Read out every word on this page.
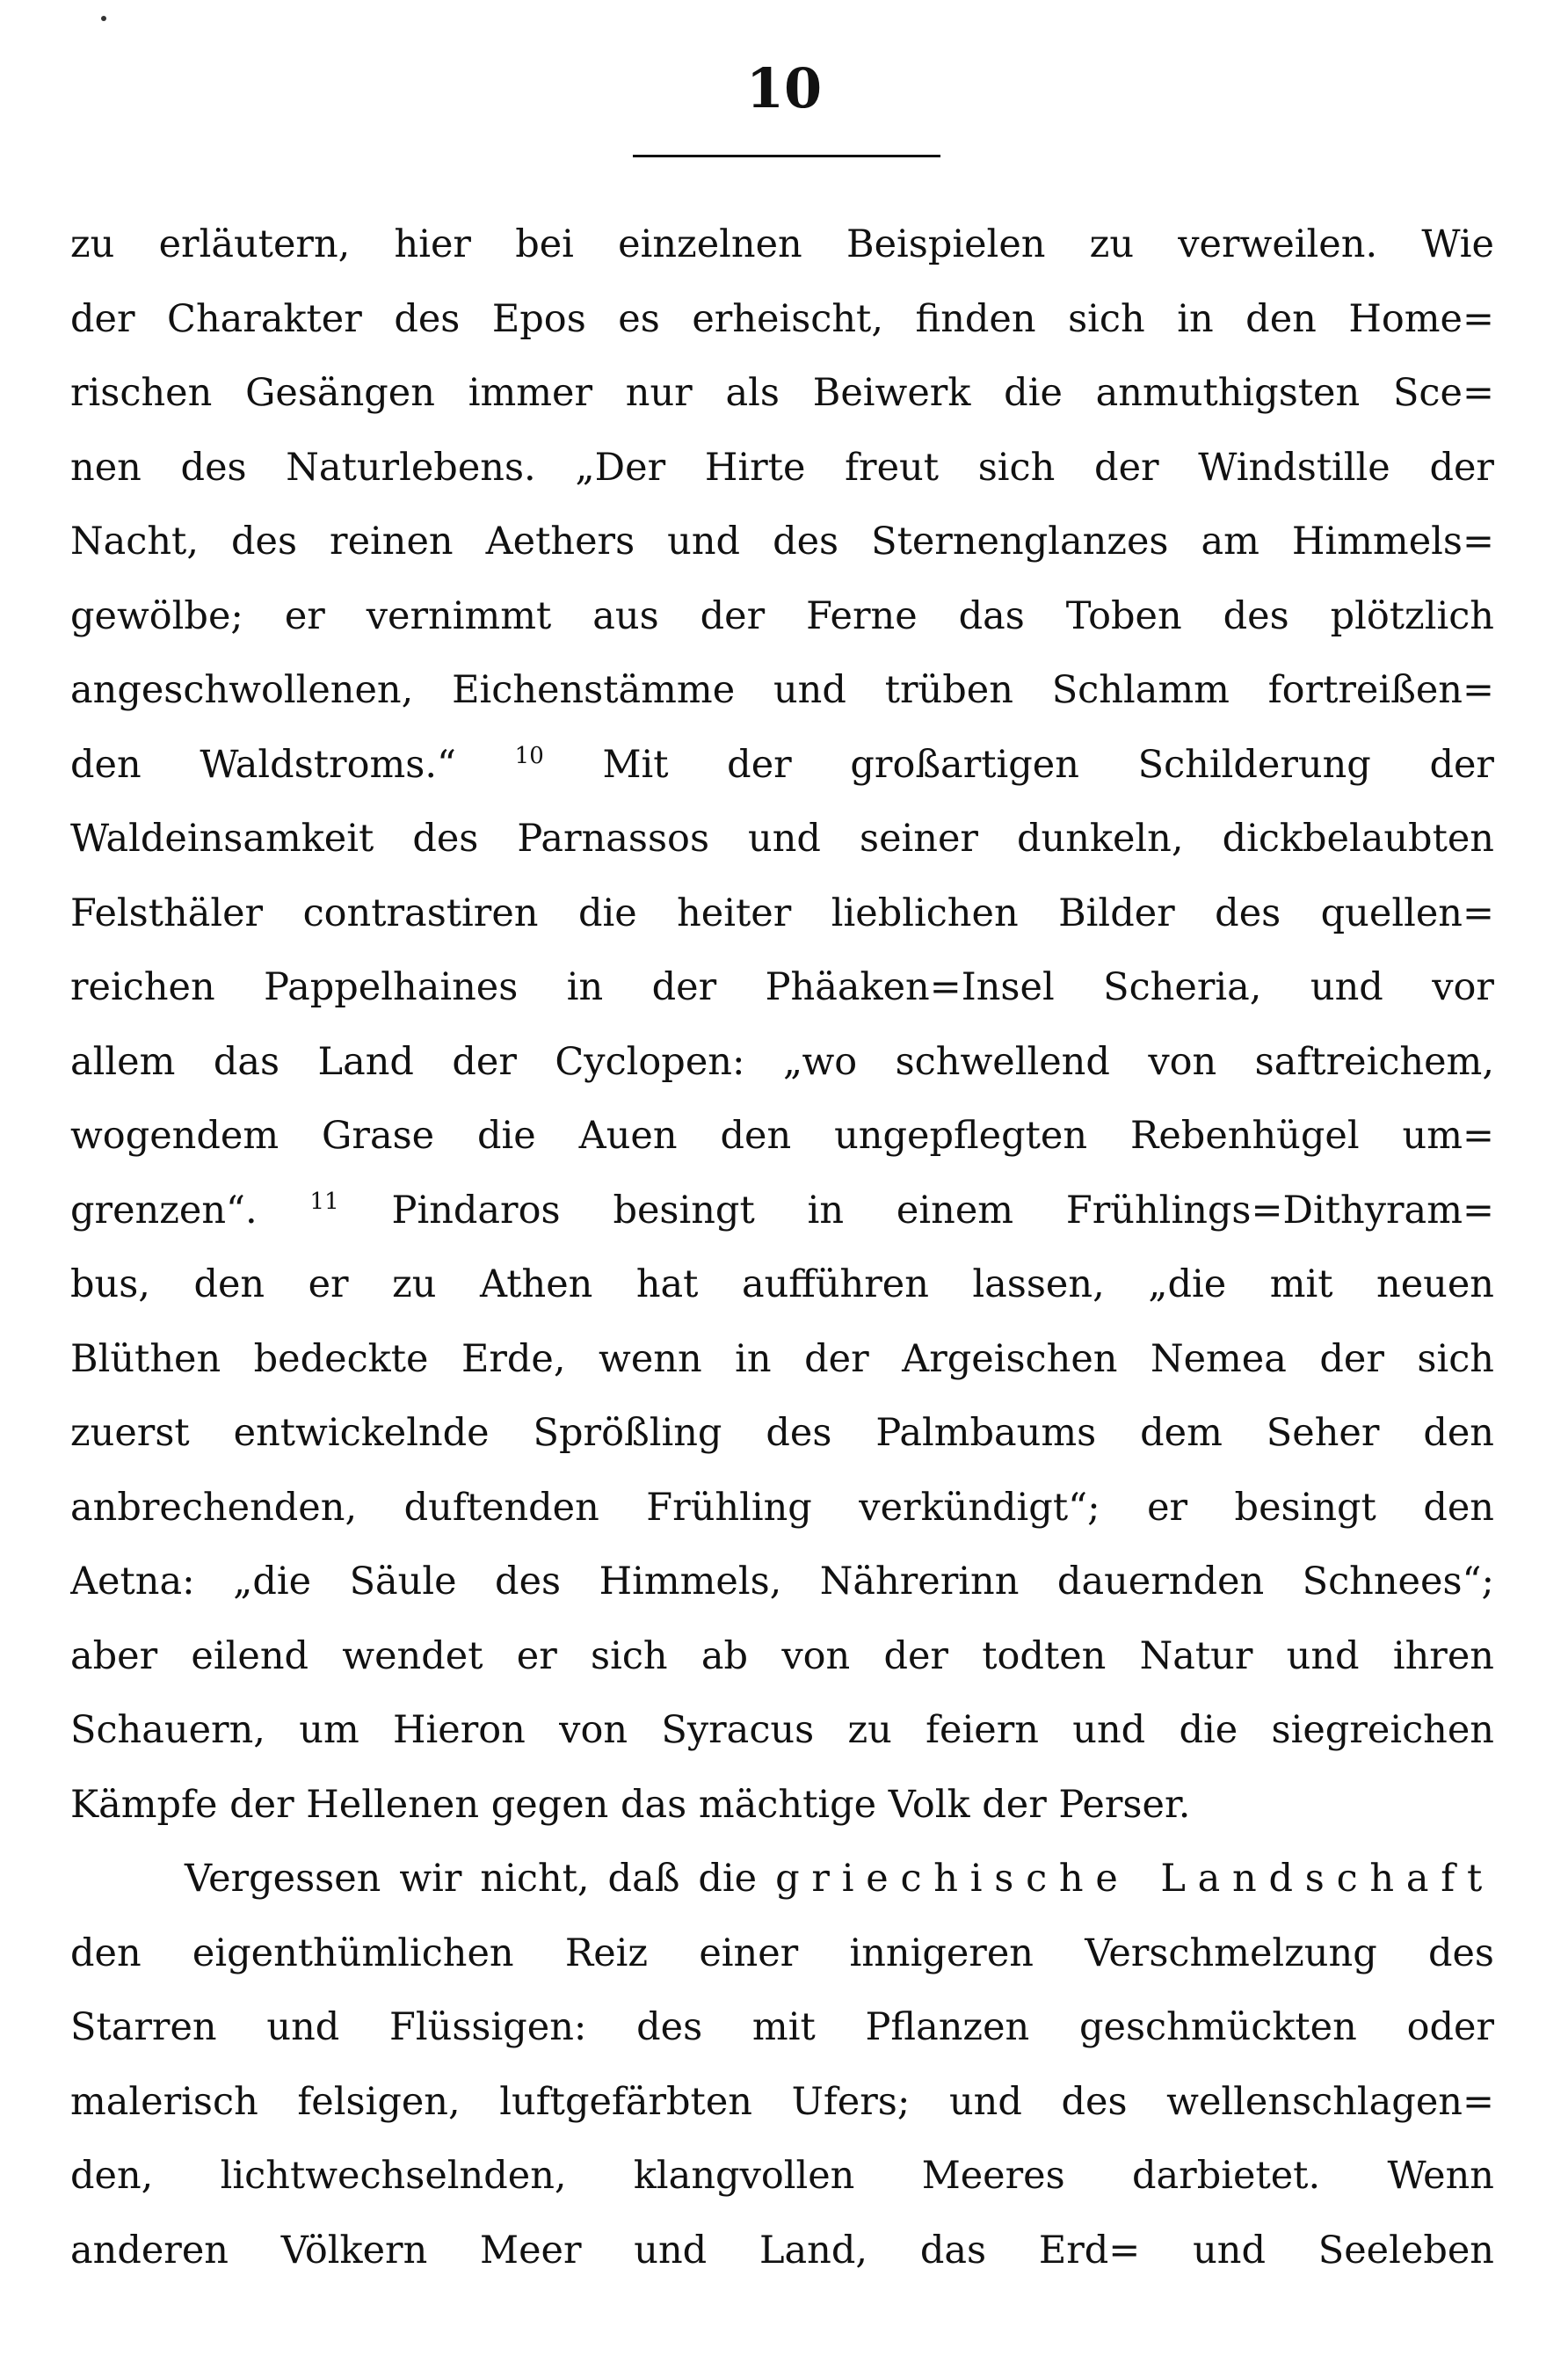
10
zu erläutern, hier bei einzelnen Beispielen zu verweilen. Wie
der Charakter des Epos es erheischt, finden sich in den Home=
rischen Gesängen immer nur als Beiwerk die anmuthigsten Sce=
nen des Naturlebens. „Der Hirte freut sich der Windstille der
Nacht, des reinen Aethers und des Sternenglanzes am Himmels=
gewölbe; er vernimmt aus der Ferne das Toben des plötzlich
angeschwollenen, Eichenstämme und trüben Schlamm fortreißen=
den Waldstroms.“	$^{10}$ Mit der großartigen Schilderung der
Waldeinsamkeit des Parnassos und seiner dunkeln, dickbelaubten
Felsthäler contrastiren die heiter lieblichen Bilder des quellen=
reichen Pappelhaines in der Phäaken=Insel Scheria, und vor
allem das Land der Cyclopen: „wo schwellend von saftreichem,
wogendem Grase die Auen den ungepflegten Rebenhügel um=
grenzen“. $^{11}$ Pindaros besingt in einem Frühlings=Dithyram=
bus, den er zu Athen hat aufführen lassen, „die mit neuen
Blüthen bedeckte Erde, wenn in der Argeischen Nemea der sich
zuerst entwickelnde Sprößling des Palmbaums dem Seher den
anbrechenden, duftenden Frühling verkündigt“; er besingt den
Aetna: „die Säule des Himmels, Nährerinn dauernden Schnees“;
aber eilend wendet er sich ab von der todten Natur und ihren
Schauern, um Hieron von Syracus zu feiern und die siegreichen
Kämpfe der Hellenen gegen das mächtige Volk der Perser.
Vergessen wir nicht, daß die griechische Landschaft
den eigenthümlichen Reiz einer innigeren Verschmelzung des
Starren und Flüssigen: des mit Pflanzen geschmückten oder
malerisch felsigen, luftgefärbten Ufers; und des wellenschlagen=
den, lichtwechselnden, klangvollen Meeres darbietet. Wenn
anderen Völkern Meer und Land, das Erd= und Seeleben
